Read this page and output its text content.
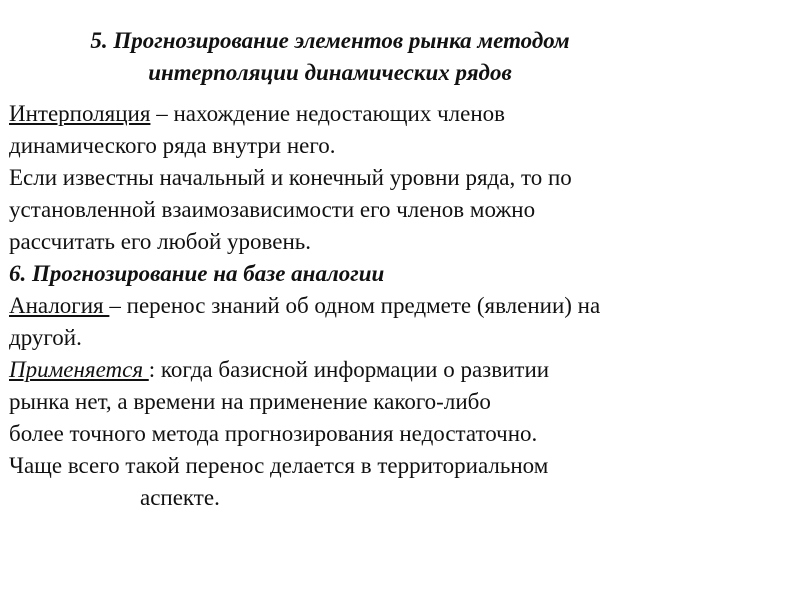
5. Прогнозирование элементов рынка методом
интерполяции динамических рядов
Интерполяция – нахождение недостающих членов
динамического ряда внутри него.
Если известны начальный и конечный уровни ряда, то по
установленной взаимозависимости его членов можно
рассчитать его любой уровень.
6. Прогнозирование на базе аналогии
Аналогия – перенос знаний об одном предмете (явлении) на
другой.
Применяется : когда базисной информации о развитии
рынка нет, а времени на применение какого-либо
более точного метода прогнозирования недостаточно.
Чаще всего такой перенос делается в территориальном
аспекте.
